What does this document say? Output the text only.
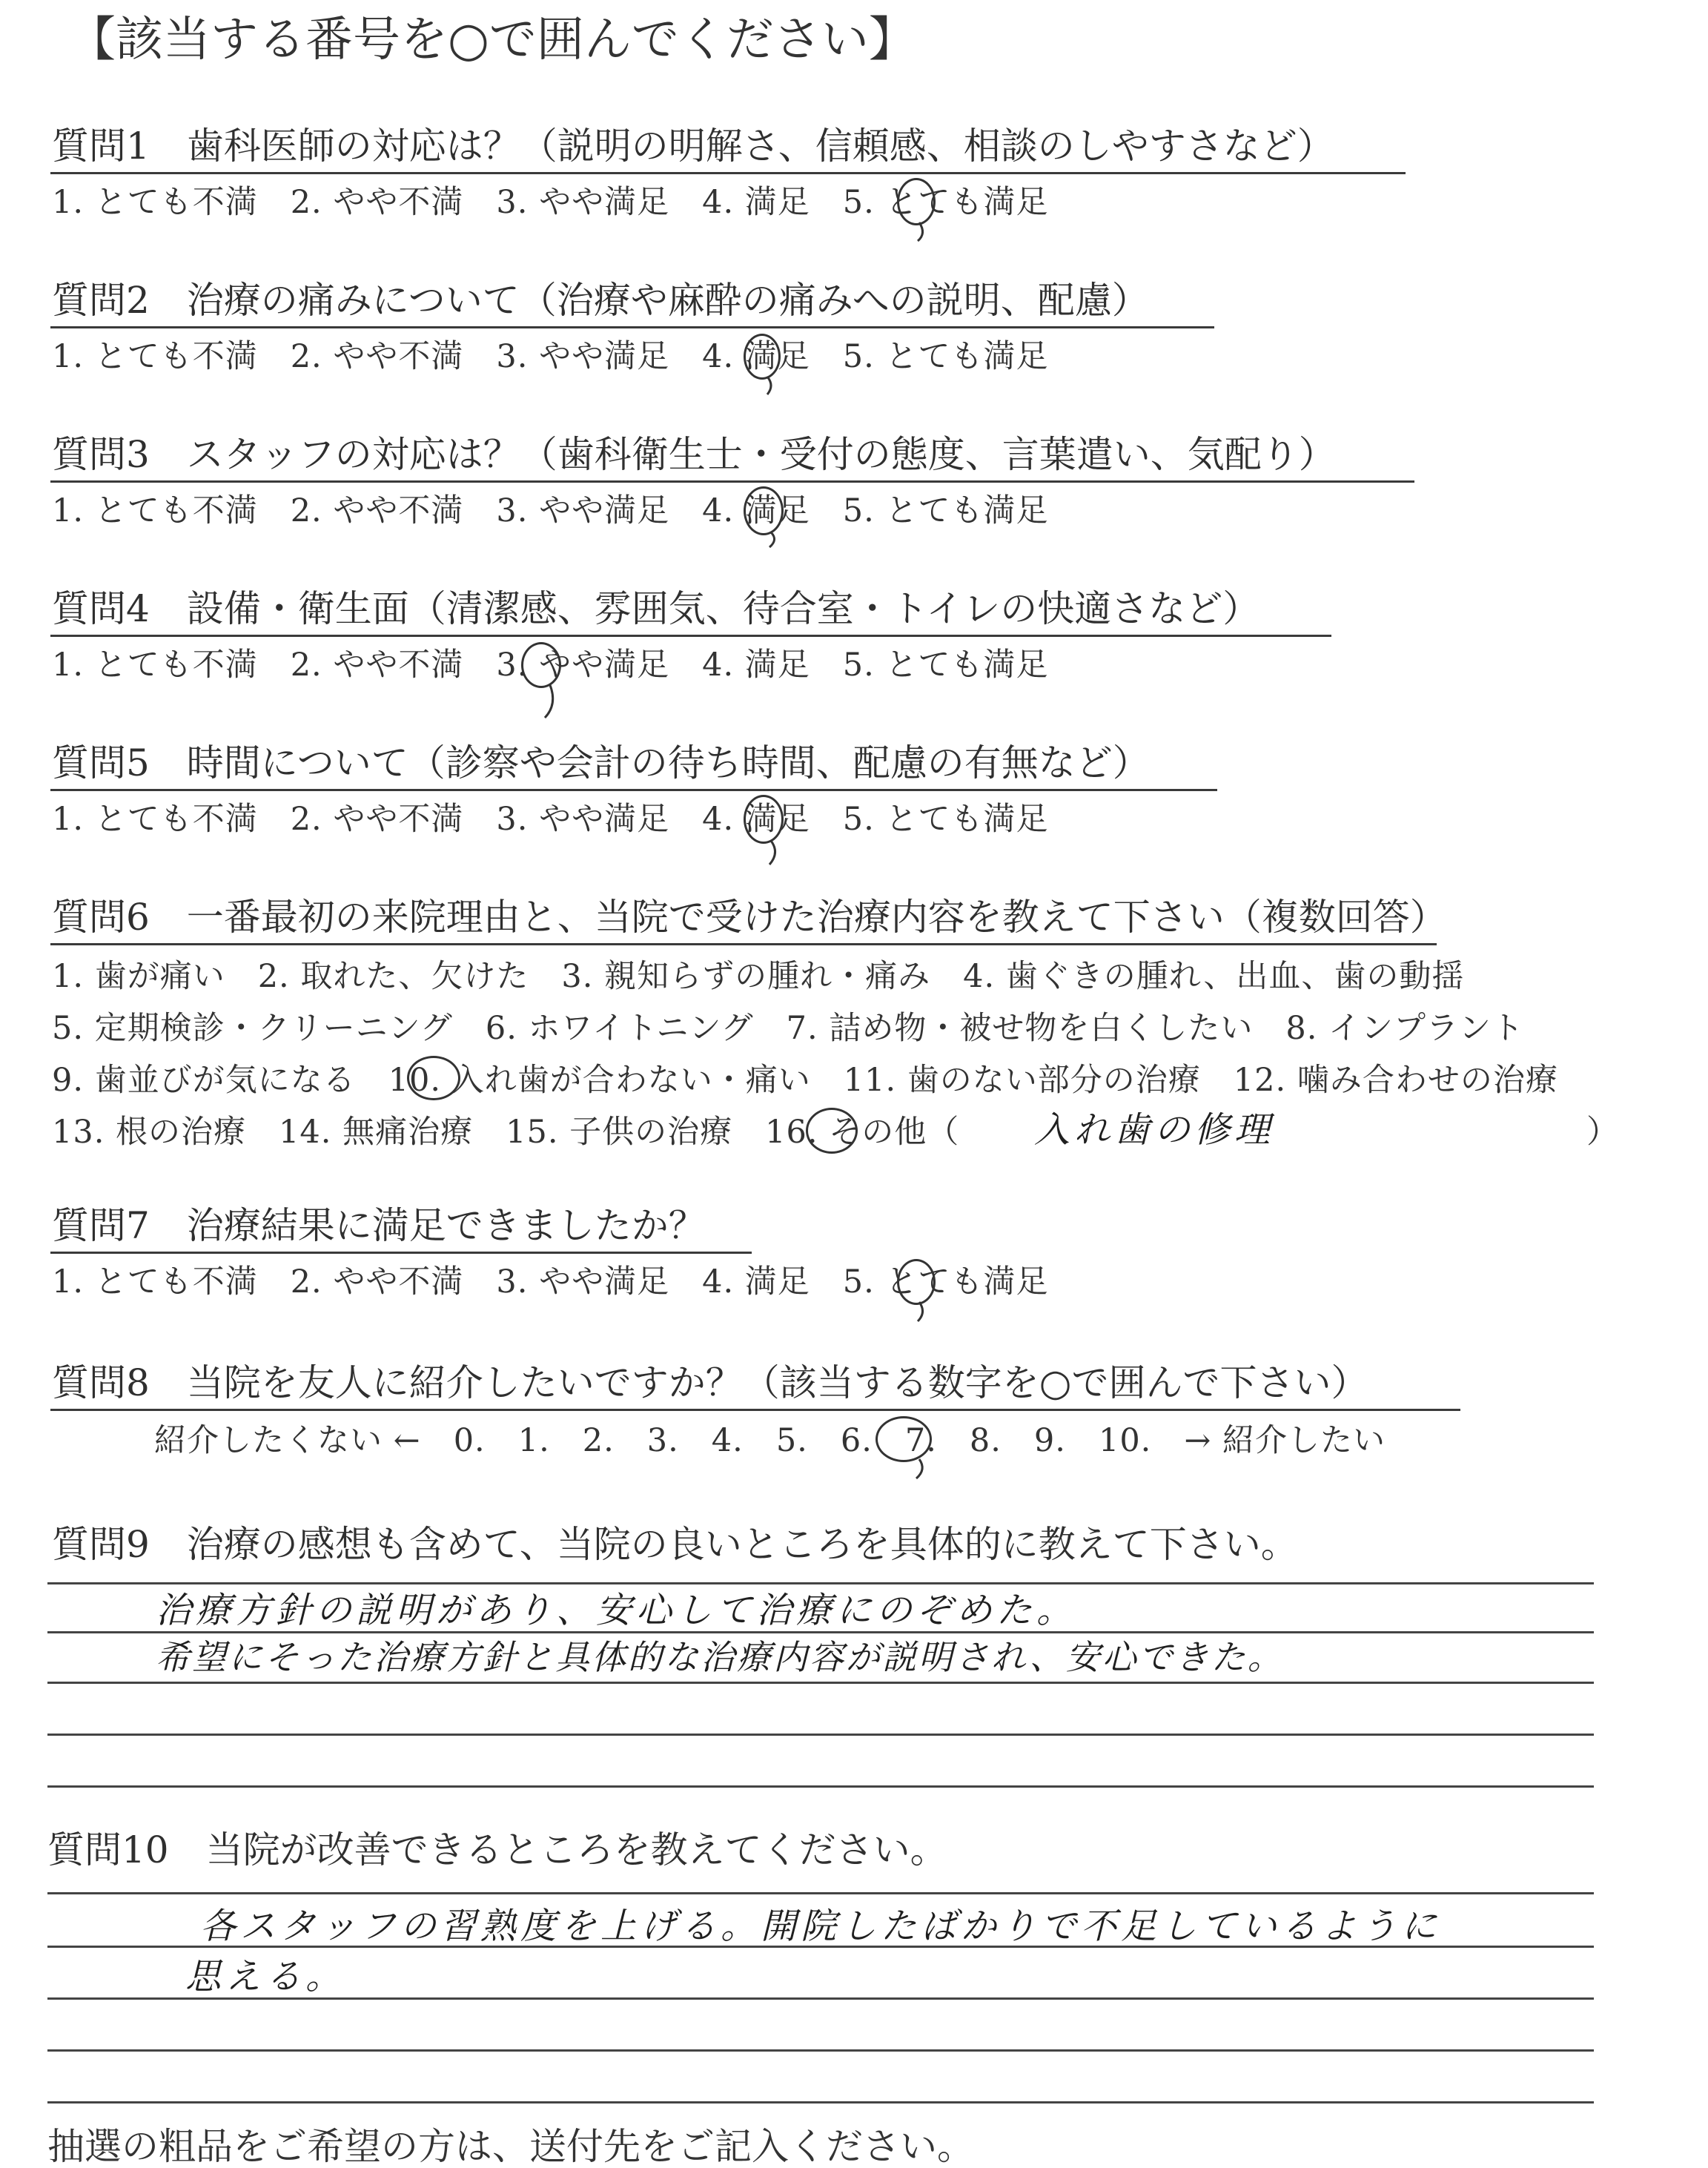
【該当する番号を○で囲んでください】
質問1　歯科医師の対応は？（説明の明解さ、信頼感、相談のしやすさなど）
1. とても不満　2. やや不満　3. やや満足　4. 満足　5. とても満足
質問2　治療の痛みについて（治療や麻酔の痛みへの説明、配慮）
1. とても不満　2. やや不満　3. やや満足　4. 満足　5. とても満足
質問3　スタッフの対応は？（歯科衛生士・受付の態度、言葉遣い、気配り）
1. とても不満　2. やや不満　3. やや満足　4. 満足　5. とても満足
質問4　設備・衛生面（清潔感、雰囲気、待合室・トイレの快適さなど）
1. とても不満　2. やや不満　3. やや満足　4. 満足　5. とても満足
質問5　時間について（診察や会計の待ち時間、配慮の有無など）
1. とても不満　2. やや不満　3. やや満足　4. 満足　5. とても満足
質問6　一番最初の来院理由と、当院で受けた治療内容を教えて下さい（複数回答）
1. 歯が痛い　2. 取れた、欠けた　3. 親知らずの腫れ・痛み　4. 歯ぐきの腫れ、出血、歯の動揺
5. 定期検診・クリーニング　6. ホワイトニング　7. 詰め物・被せ物を白くしたい　8. インプラント
9. 歯並びが気になる　10. 入れ歯が合わない・痛い　11. 歯のない部分の治療　12. 噛み合わせの治療
13. 根の治療　14. 無痛治療　15. 子供の治療　16. その他（	）
入れ歯の修理
質問7　治療結果に満足できましたか？
1. とても不満　2. やや不満　3. やや満足　4. 満足　5. とても満足
質問8　当院を友人に紹介したいですか？（該当する数字を○で囲んで下さい）
紹介したくない ←　0.　1.　2.　3.　4.　5.　6.　7.　8.　9.　10.　→ 紹介したい
質問9　治療の感想も含めて、当院の良いところを具体的に教えて下さい。
治療方針の説明があり、安心して治療にのぞめた。
希望にそった治療方針と具体的な治療内容が説明され、安心できた。
質問10　当院が改善できるところを教えてください。
各スタッフの習熟度を上げる。開院したばかりで不足しているように
思える。
抽選の粗品をご希望の方は、送付先をご記入ください。
